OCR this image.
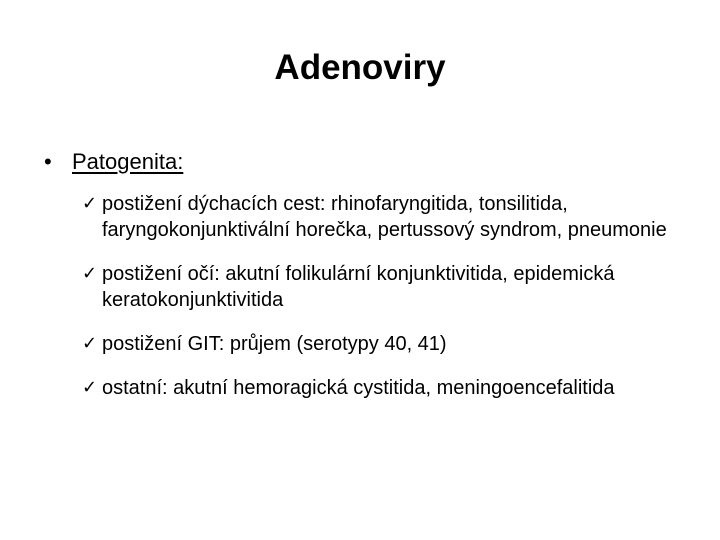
Adenoviry
• Patogenita:
✓ postižení dýchacích cest: rhinofaryngitida, tonsilitida, faryngokonjunktivální horečka, pertussový syndrom, pneumonie
✓ postižení očí: akutní folikulární konjunktivitida, epidemická keratokonjunktivitida
✓ postižení GIT: průjem (serotypy 40, 41)
✓ ostatní: akutní hemoragická cystitida, meningoencefalitida
